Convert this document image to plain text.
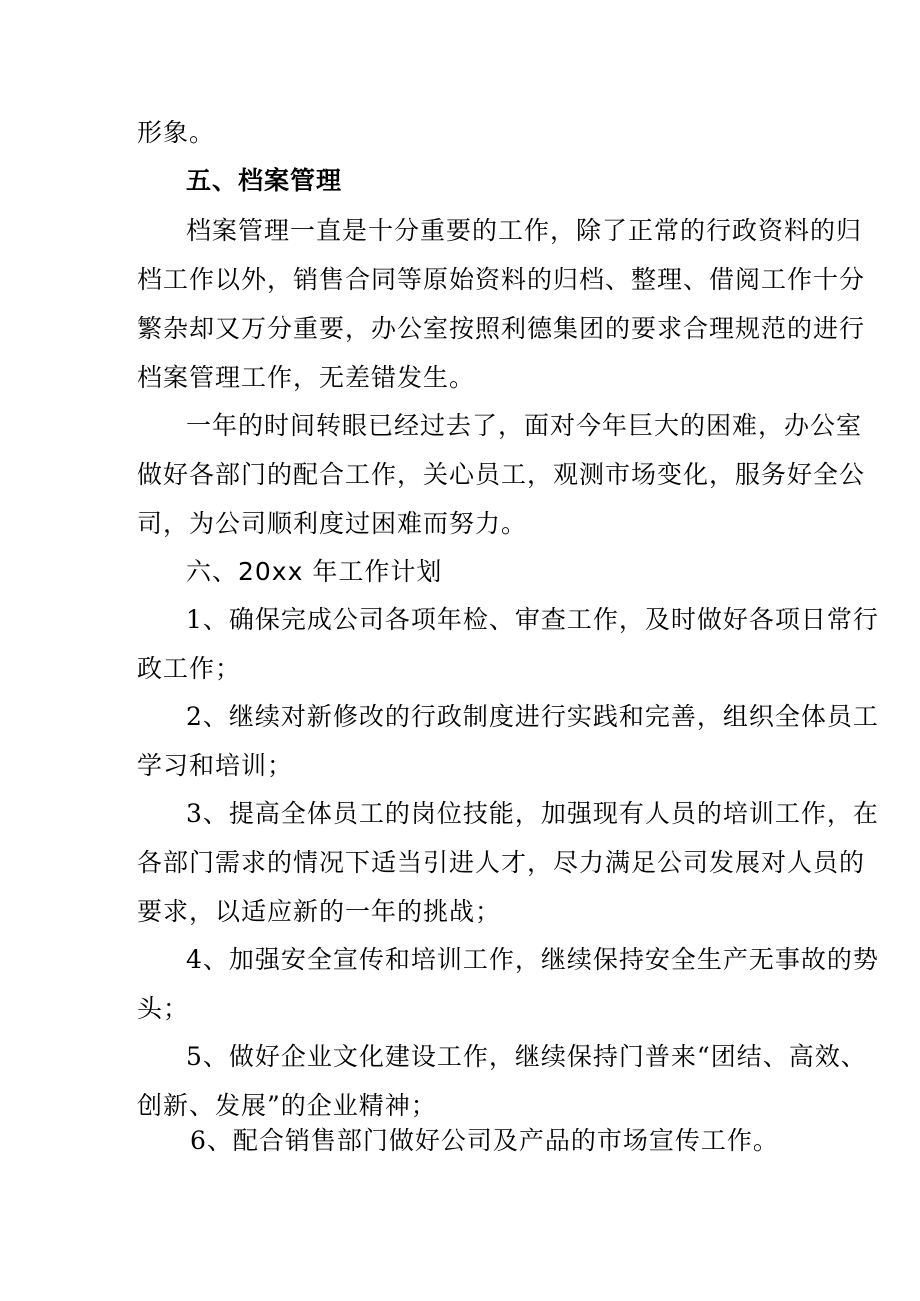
形象。
五、档案管理
档案管理一直是十分重要的工作，除了正常的行政资料的归
档工作以外，销售合同等原始资料的归档、整理、借阅工作十分
繁杂却又万分重要，办公室按照利德集团的要求合理规范的进行
档案管理工作，无差错发生。
一年的时间转眼已经过去了，面对今年巨大的困难，办公室
做好各部门的配合工作，关心员工，观测市场变化，服务好全公
司，为公司顺利度过困难而努力。
六、20xx 年工作计划
1、确保完成公司各项年检、审查工作，及时做好各项日常行
政工作；
2、继续对新修改的行政制度进行实践和完善，组织全体员工
学习和培训；
3、提高全体员工的岗位技能，加强现有人员的培训工作，在
各部门需求的情况下适当引进人才，尽力满足公司发展对人员的
要求，以适应新的一年的挑战；
4、加强安全宣传和培训工作，继续保持安全生产无事故的势
头；
5、做好企业文化建设工作，继续保持门普来“团结、高效、
创新、发展”的企业精神；
6、配合销售部门做好公司及产品的市场宣传工作。
